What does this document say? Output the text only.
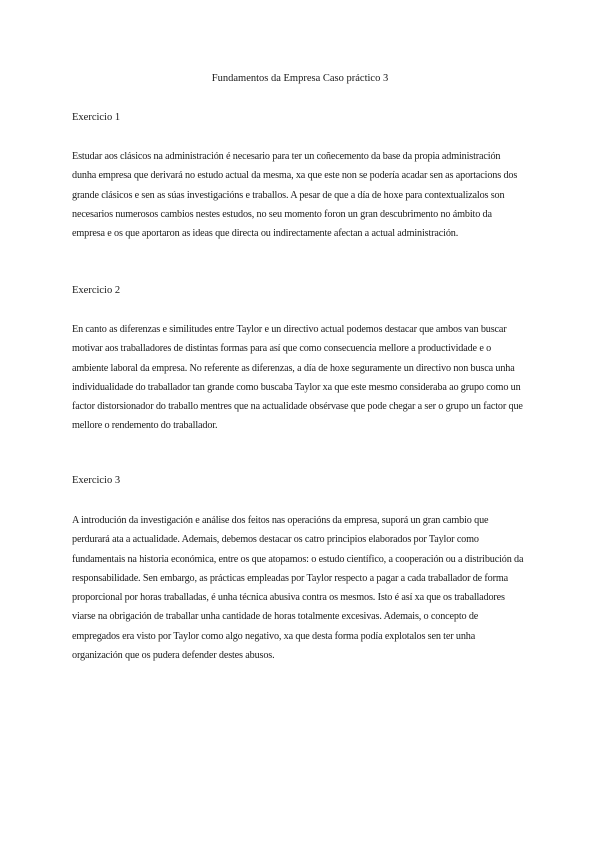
Fundamentos da Empresa Caso práctico 3
Exercicio 1

Estudar aos clásicos na administración é necesario para ter un coñecemento da base da propia administración dunha empresa que derivará no estudo actual da mesma, xa que este non se podería acadar sen as aportacions dos grande clásicos e sen as súas investigacións e traballos. A pesar de que a día de hoxe para contextualizalos son necesarios numerosos cambios nestes estudos, no seu momento foron un gran descubrimento no ámbito da empresa e os que aportaron as ideas que directa ou indirectamente afectan a actual administración.

Exercicio 2

En canto as diferenzas e similitudes entre Taylor e un directivo actual podemos destacar que ambos van buscar motivar aos traballadores de distintas formas para así que como consecuencia mellore a productividade e o ambiente laboral da empresa. No referente as diferenzas, a día de hoxe seguramente un directivo non busca unha individualidade do traballador tan grande como buscaba Taylor xa que este mesmo consideraba ao grupo como un factor distorsionador do traballo mentres que na actualidade obsérvase que pode chegar a ser o grupo un factor que mellore o rendemento do traballador.

Exercicio 3

A introdución da investigación e análise dos feitos nas operacións da empresa, suporá un gran cambio que perdurará ata a actualidade. Ademais, debemos destacar os catro principios elaborados por Taylor como fundamentais na historia económica, entre os que atopamos: o estudo científico, a cooperación ou a distribución da responsabilidade. Sen embargo, as prácticas empleadas por Taylor respecto a pagar a cada traballador de forma proporcional por horas traballadas, é unha técnica abusiva contra os mesmos. Isto é así xa que os traballadores viarse na obrigación de traballar unha cantidade de horas totalmente excesivas. Ademais, o concepto de empregados era visto por Taylor como algo negativo, xa que desta forma podía explotalos sen ter unha organización que os pudera defender destes abusos.
